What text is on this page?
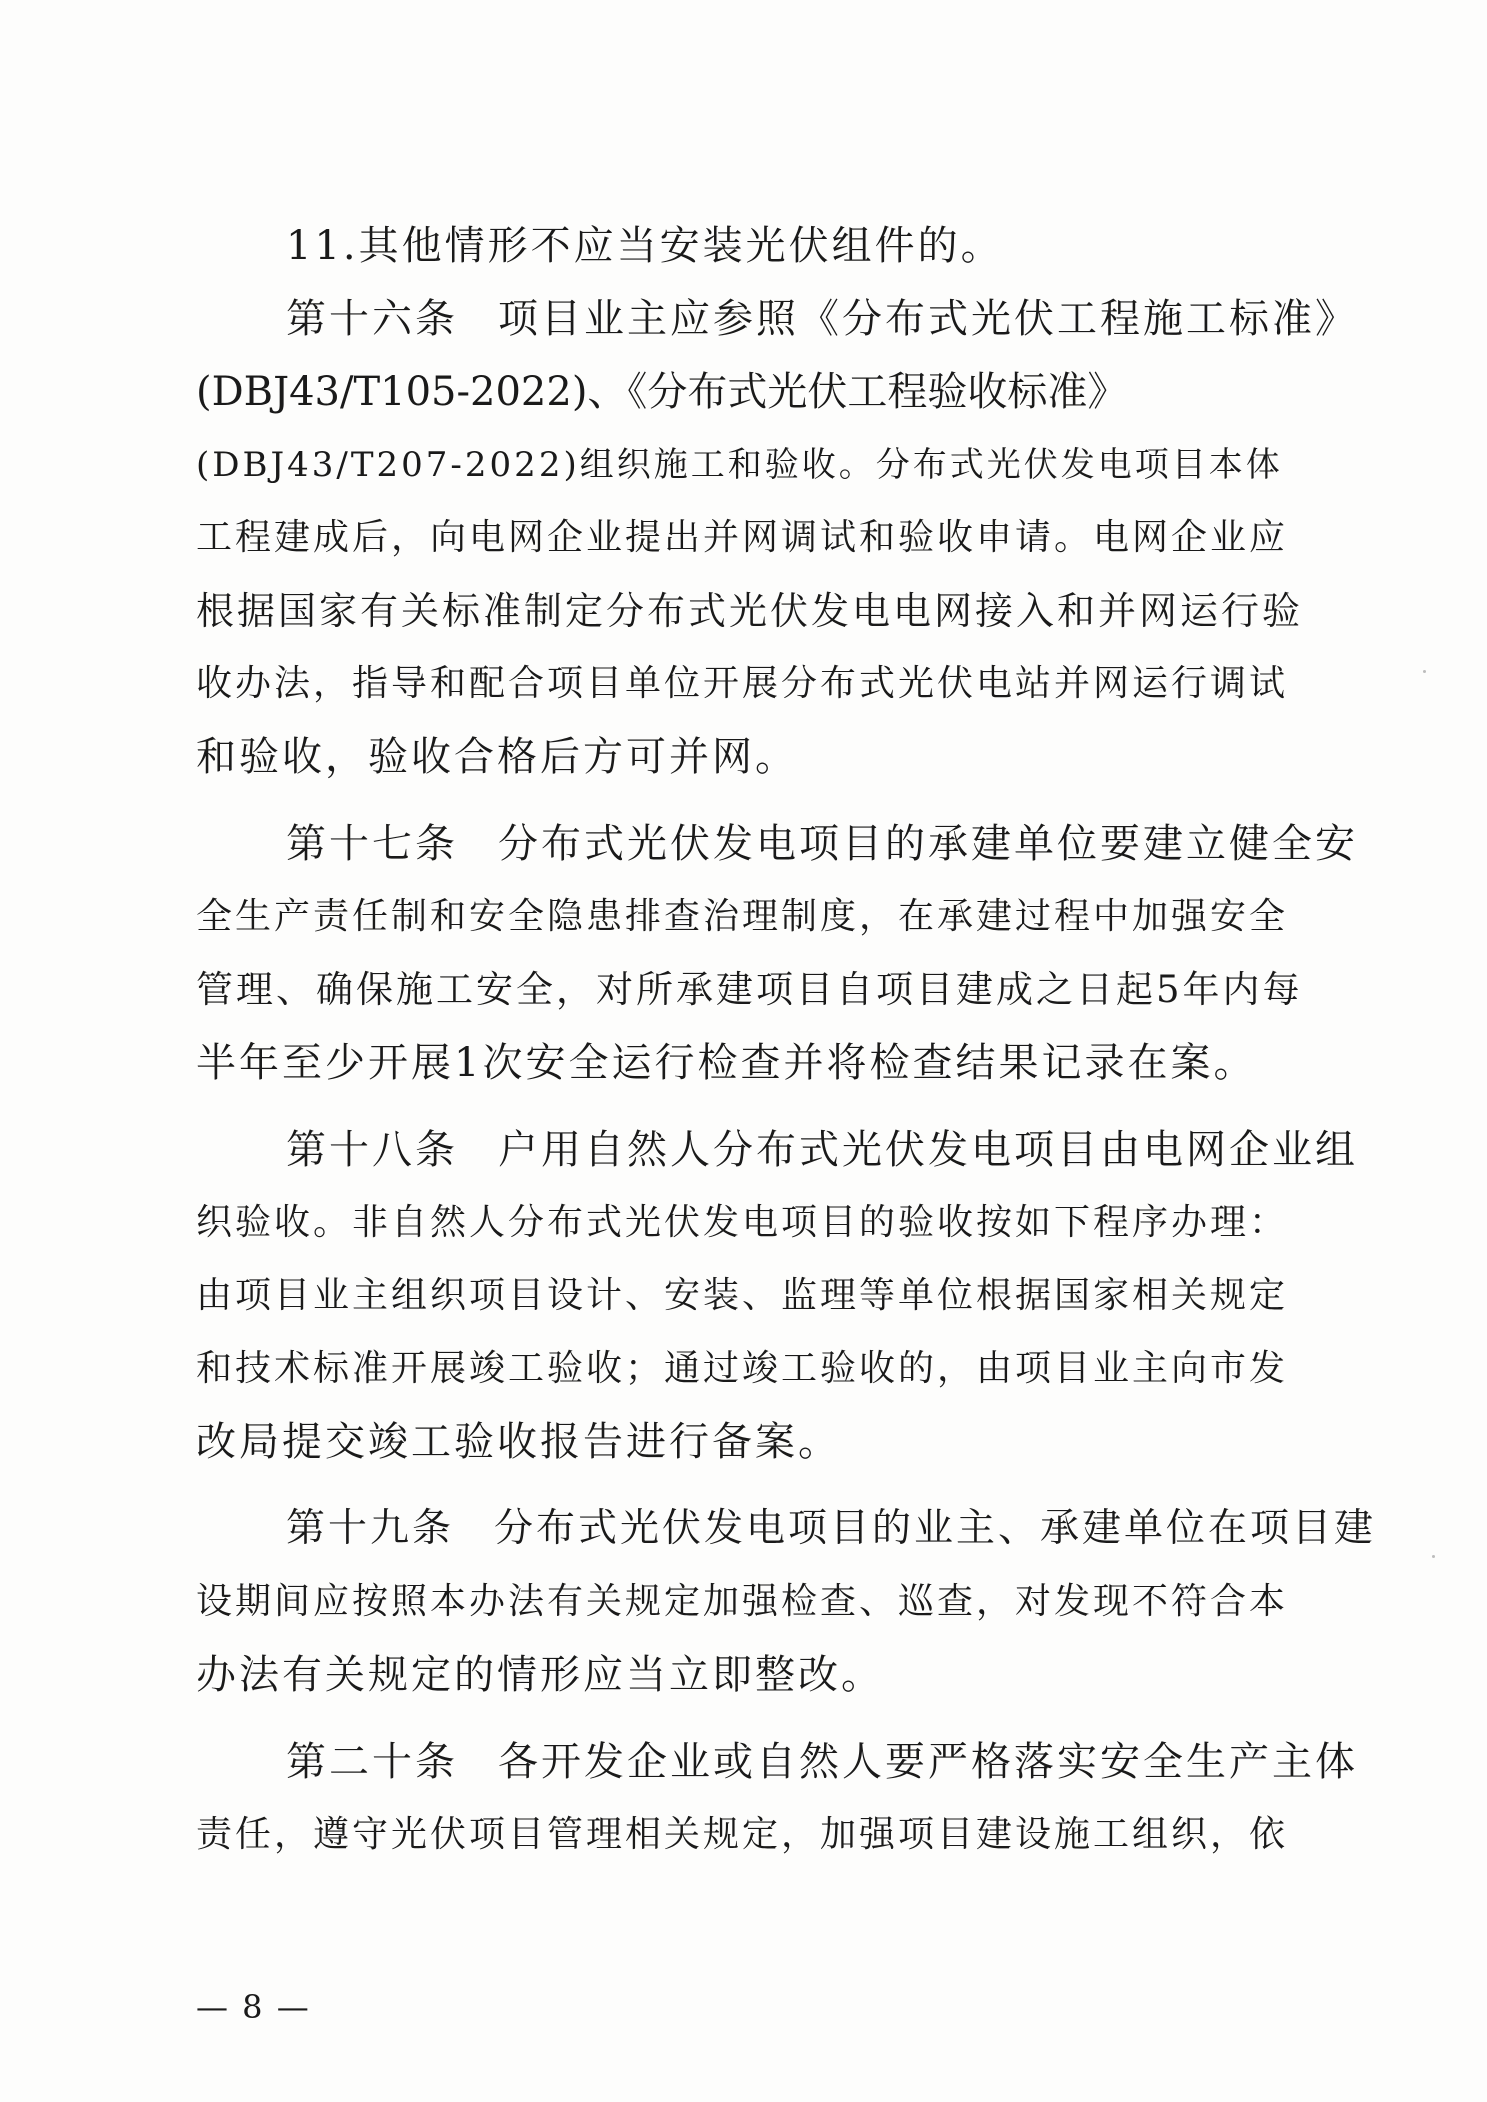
11.其他情形不应当安装光伏组件的。
第十六条 项目业主应参照《分布式光伏工程施工标准》
(DBJ43/T105-2022)、《分布式光伏工程验收标准》
(DBJ43/T207-2022)组织施工和验收。分布式光伏发电项目本体
工程建成后，向电网企业提出并网调试和验收申请。电网企业应
根据国家有关标准制定分布式光伏发电电网接入和并网运行验
收办法，指导和配合项目单位开展分布式光伏电站并网运行调试
和验收，验收合格后方可并网。
第十七条 分布式光伏发电项目的承建单位要建立健全安
全生产责任制和安全隐患排查治理制度，在承建过程中加强安全
管理、确保施工安全，对所承建项目自项目建成之日起5年内每
半年至少开展1次安全运行检查并将检查结果记录在案。
第十八条 户用自然人分布式光伏发电项目由电网企业组
织验收。非自然人分布式光伏发电项目的验收按如下程序办理：
由项目业主组织项目设计、安装、监理等单位根据国家相关规定
和技术标准开展竣工验收；通过竣工验收的，由项目业主向市发
改局提交竣工验收报告进行备案。
第十九条 分布式光伏发电项目的业主、承建单位在项目建
设期间应按照本办法有关规定加强检查、巡查，对发现不符合本
办法有关规定的情形应当立即整改。
第二十条 各开发企业或自然人要严格落实安全生产主体
责任，遵守光伏项目管理相关规定，加强项目建设施工组织，依
— 8 —
